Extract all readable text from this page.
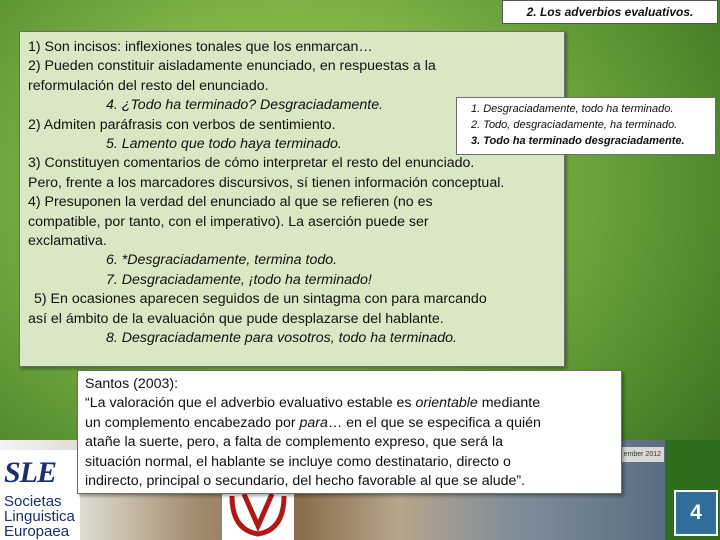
2. Los adverbios evaluativos.

1) Son incisos: inflexiones tonales que los enmarcan…

2) Pueden constituir aisladamente enunciado, en respuestas a la

reformulación del resto del enunciado.

4. ¿Todo ha terminado? Desgraciadamente.

2) Admiten paráfrasis con verbos de sentimiento.

5. Lamento que todo haya terminado.

3) Constituyen comentarios de cómo interpretar el resto del enunciado.

Pero, frente a los marcadores discursivos, sí tienen información conceptual.

4) Presuponen la verdad del enunciado al que se refieren (no es

compatible, por tanto, con el imperativo). La aserción puede ser

exclamativa.

6. *Desgraciadamente, termina todo.

7. Desgraciadamente, ¡todo ha terminado!

5) En ocasiones aparecen seguidos de un sintagma con para marcando

así el ámbito de la evaluación que pude desplazarse del hablante.

8. Desgraciadamente para vosotros, todo ha terminado.

1. Desgraciadamente, todo ha terminado.

2. Todo, desgraciadamente, ha terminado.

3. Todo ha terminado desgraciadamente.

SLE
Societas
Linguistica
Europaea
ember 2012
4

Santos (2003):

“La valoración que el adverbio evaluativo estable es orientable mediante

un complemento encabezado por para… en el que se especifica a quién

atañe la suerte, pero, a falta de complemento expreso, que será la

situación normal, el hablante se incluye como destinatario, directo o

indirecto, principal o secundario, del hecho favorable al que se alude”.
